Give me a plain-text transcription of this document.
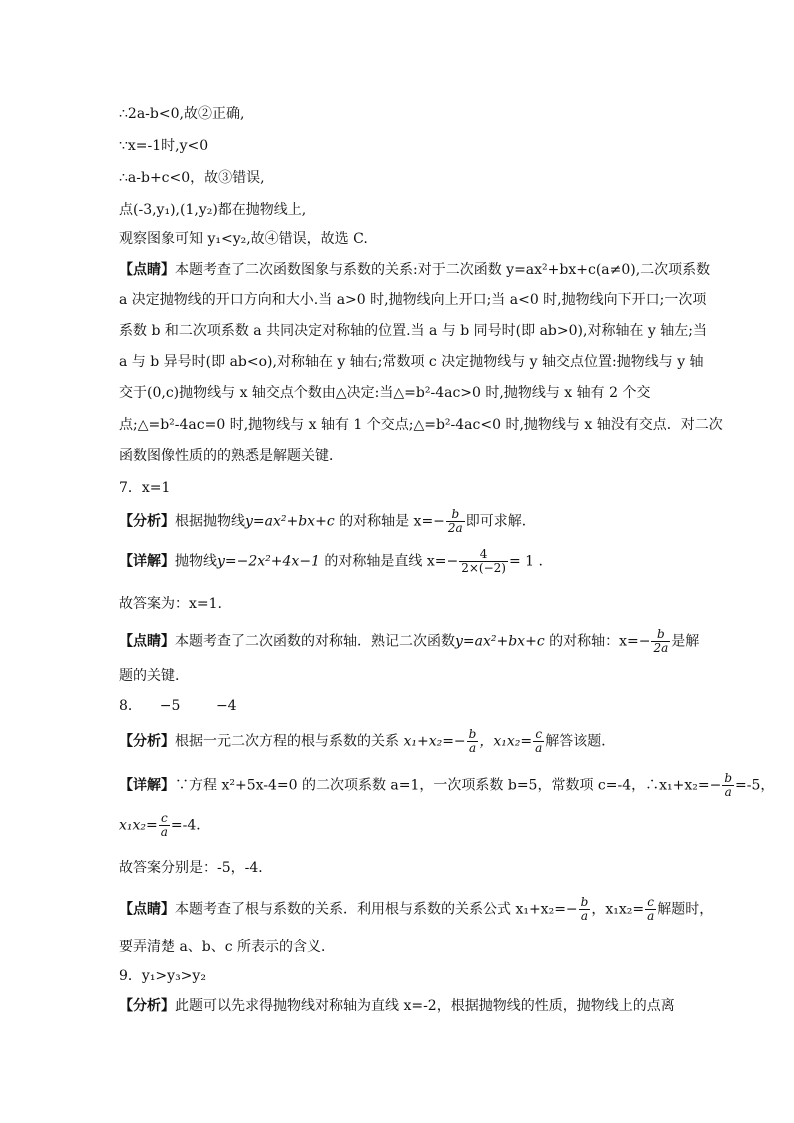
∴2a-b<0,故②正确,
∵x=-1时,y<0
∴a-b+c<0，故③错误,
点(-3,y₁),(1,y₂)都在抛物线上,
观察图象可知 y₁<y₂,故④错误，故选 C.
【点睛】本题考查了二次函数图象与系数的关系:对于二次函数 y=ax²+bx+c(a≠0),二次项系数
a 决定抛物线的开口方向和大小.当 a>0 时,抛物线向上开口;当 a<0 时,抛物线向下开口;一次项
系数 b 和二次项系数 a 共同决定对称轴的位置.当 a 与 b 同号时(即 ab>0),对称轴在 y 轴左;当
a 与 b 异号时(即 ab<o),对称轴在 y 轴右;常数项 c 决定抛物线与 y 轴交点位置:抛物线与 y 轴
交于(0,c)抛物线与 x 轴交点个数由△决定:当△=b²-4ac>0 时,抛物线与 x 轴有 2 个交
点;△=b²-4ac=0 时,抛物线与 x 轴有 1 个交点;△=b²-4ac<0 时,抛物线与 x 轴没有交点．对二次
函数图像性质的的熟悉是解题关键．
7．x=1
【分析】根据抛物线y=ax²+bx+c 的对称轴是 $x=- \frac{b}{2a}$ 即可求解．
【详解】抛物线y=−2x²+4x−1 的对称轴是直线 $x=- \frac{4}{2\times(-2)} = 1$ .
故答案为：x=1.
【点睛】本题考查了二次函数的对称轴．熟记二次函数y=ax²+bx+c 的对称轴：$x=- \frac{b}{2a}$ 是解
题的关键.
8．    −5        −4
【分析】根据一元二次方程的根与系数的关系 $x_1+x_2=- \frac{b}{a}$ ，$x_1x_2= \frac{c}{a}$ 解答该题．
【详解】∵方程 x²+5x-4=0 的二次项系数 a=1，一次项系数 b=5，常数项 c=-4，∴x₁+x₂=− $\frac{b}{a} =-5$，
$x_1x_2= \frac{c}{a} =-4$．
故答案分别是：-5，-4．
【点睛】本题考查了根与系数的关系．利用根与系数的关系公式 $x_1+x_2=- \frac{b}{a}$ ，$x_1x_2= \frac{c}{a}$ 解题时，
要弄清楚 a、b、c 所表示的含义．
9．y₁>y₃>y₂
【分析】此题可以先求得抛物线对称轴为直线 x=-2，根据抛物线的性质，抛物线上的点离
